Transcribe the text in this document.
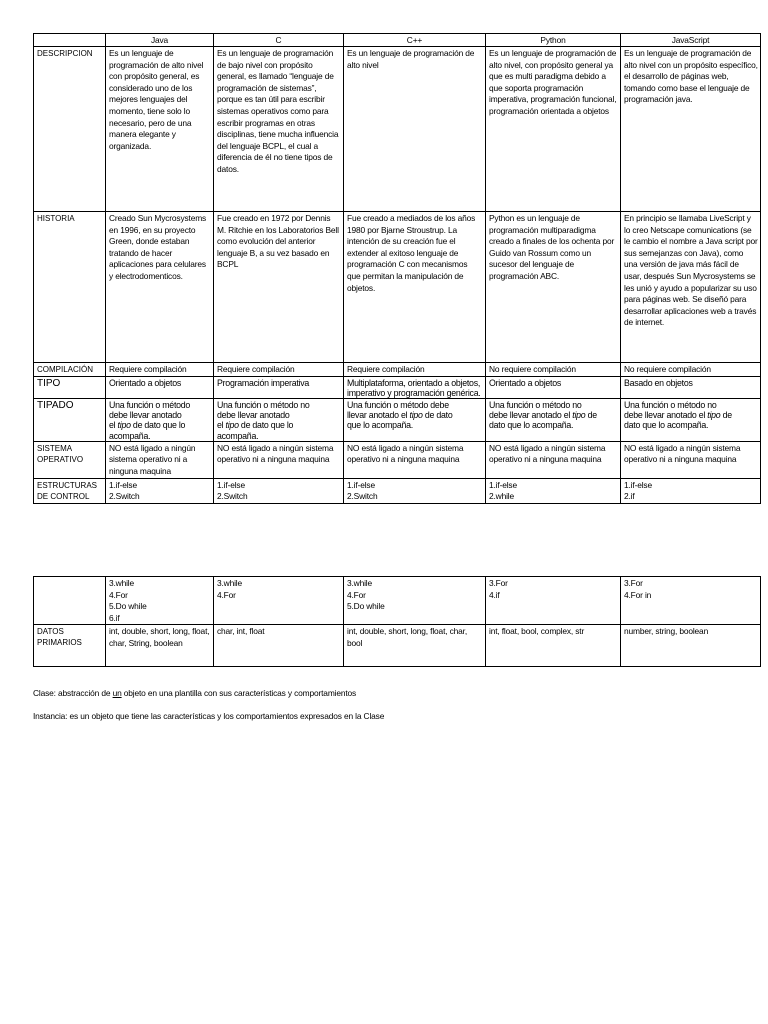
	Java	C	C++	Python	JavaScript
DESCRIPCION	Es un lenguaje de programación de alto nivel con propósito general, es considerado uno de los mejores lenguajes del momento, tiene solo lo necesario, pero de una manera elegante y organizada.	Es un lenguaje de programación de bajo nivel con propósito general, es llamado “lenguaje de programación de sistemas”, porque es tan útil para escribir sistemas operativos como para escribir programas en otras disciplinas, tiene mucha influencia del lenguaje BCPL, el cual a diferencia de él no tiene tipos de datos.	Es un lenguaje de programación de alto nivel	Es un lenguaje de programación de alto nivel, con propósito general ya que es multi paradigma debido a que soporta programación imperativa, programación funcional, programación orientada a objetos	Es un lenguaje de programación de alto nivel con un propósito específico, el desarrollo de páginas web, tomando como base el lenguaje de programación java.
HISTORIA	Creado Sun Mycrosystems en 1996, en su proyecto Green, donde estaban tratando de hacer aplicaciones para celulares y electrodomenticos.	Fue creado en 1972 por Dennis M. Ritchie en los Laboratorios Bell como evolución del anterior lenguaje B, a su vez basado en BCPL	Fue creado a mediados de los años 1980 por Bjarne Stroustrup. La intención de su creación fue el extender al exitoso lenguaje de programación C con mecanismos que permitan la manipulación de objetos.	Python es un lenguaje de programación multiparadigma creado a finales de los ochenta por Guido van Rossum como un sucesor del lenguaje de programación ABC.	En principio se llamaba LiveScript y lo creo Netscape comunications (se le cambio el nombre a Java script por sus semejanzas con Java), como una versión de java más fácil de usar, después Sun Mycrosystems se les unió y ayudo a popularizar su uso para páginas web. Se diseñó para desarrollar aplicaciones web a través de internet.
COMPILACIÓN	Requiere compilación	Requiere compilación	Requiere compilación	No requiere compilación	No requiere compilación
TIPO	Orientado a objetos	Programación imperativa	Multiplataforma, orientado a objetos, imperativo y programación genérica.	Orientado a objetos	Basado en objetos
TIPADO	Una función o método
debe llevar anotado
el tipo de dato que lo
acompaña.	Una función o método no
debe llevar anotado
el tipo de dato que lo
acompaña.	Una función o método debe
llevar anotado el tipo de dato
que lo acompaña.	Una función o método no
debe llevar anotado el tipo de
dato que lo acompaña.	Una función o método no
debe llevar anotado el tipo de
dato que lo acompaña.

SISTEMA OPERATIVO	NO está ligado a ningún sistema operativo ni a ninguna maquina	NO está ligado a ningún sistema operativo ni a ninguna maquina	NO está ligado a ningún sistema operativo ni a ninguna maquina	NO está ligado a ningún sistema operativo ni a ninguna maquina	NO está ligado a ningún sistema operativo ni a ninguna maquina
ESTRUCTURAS DE CONTROL	1.if-else
2.Switch	1.if-else
2.Switch	1.if-else
2.Switch	1.if-else
2.while	1.if-else
2.if

	3.while
4.For
5.Do while
6.if	3.while
4.For	3.while
4.For
5.Do while	3.For
4.if	3.For
4.For in

DATOS PRIMARIOS	int, double, short, long, float, char, String, boolean	char, int, float	int, double, short, long, float, char, bool	int, float, bool, complex, str	number, string, boolean
Clase: abstracción de un objeto en una plantilla con sus características y comportamientos
Instancia: es un objeto que tiene las características y los comportamientos expresados en la Clase
